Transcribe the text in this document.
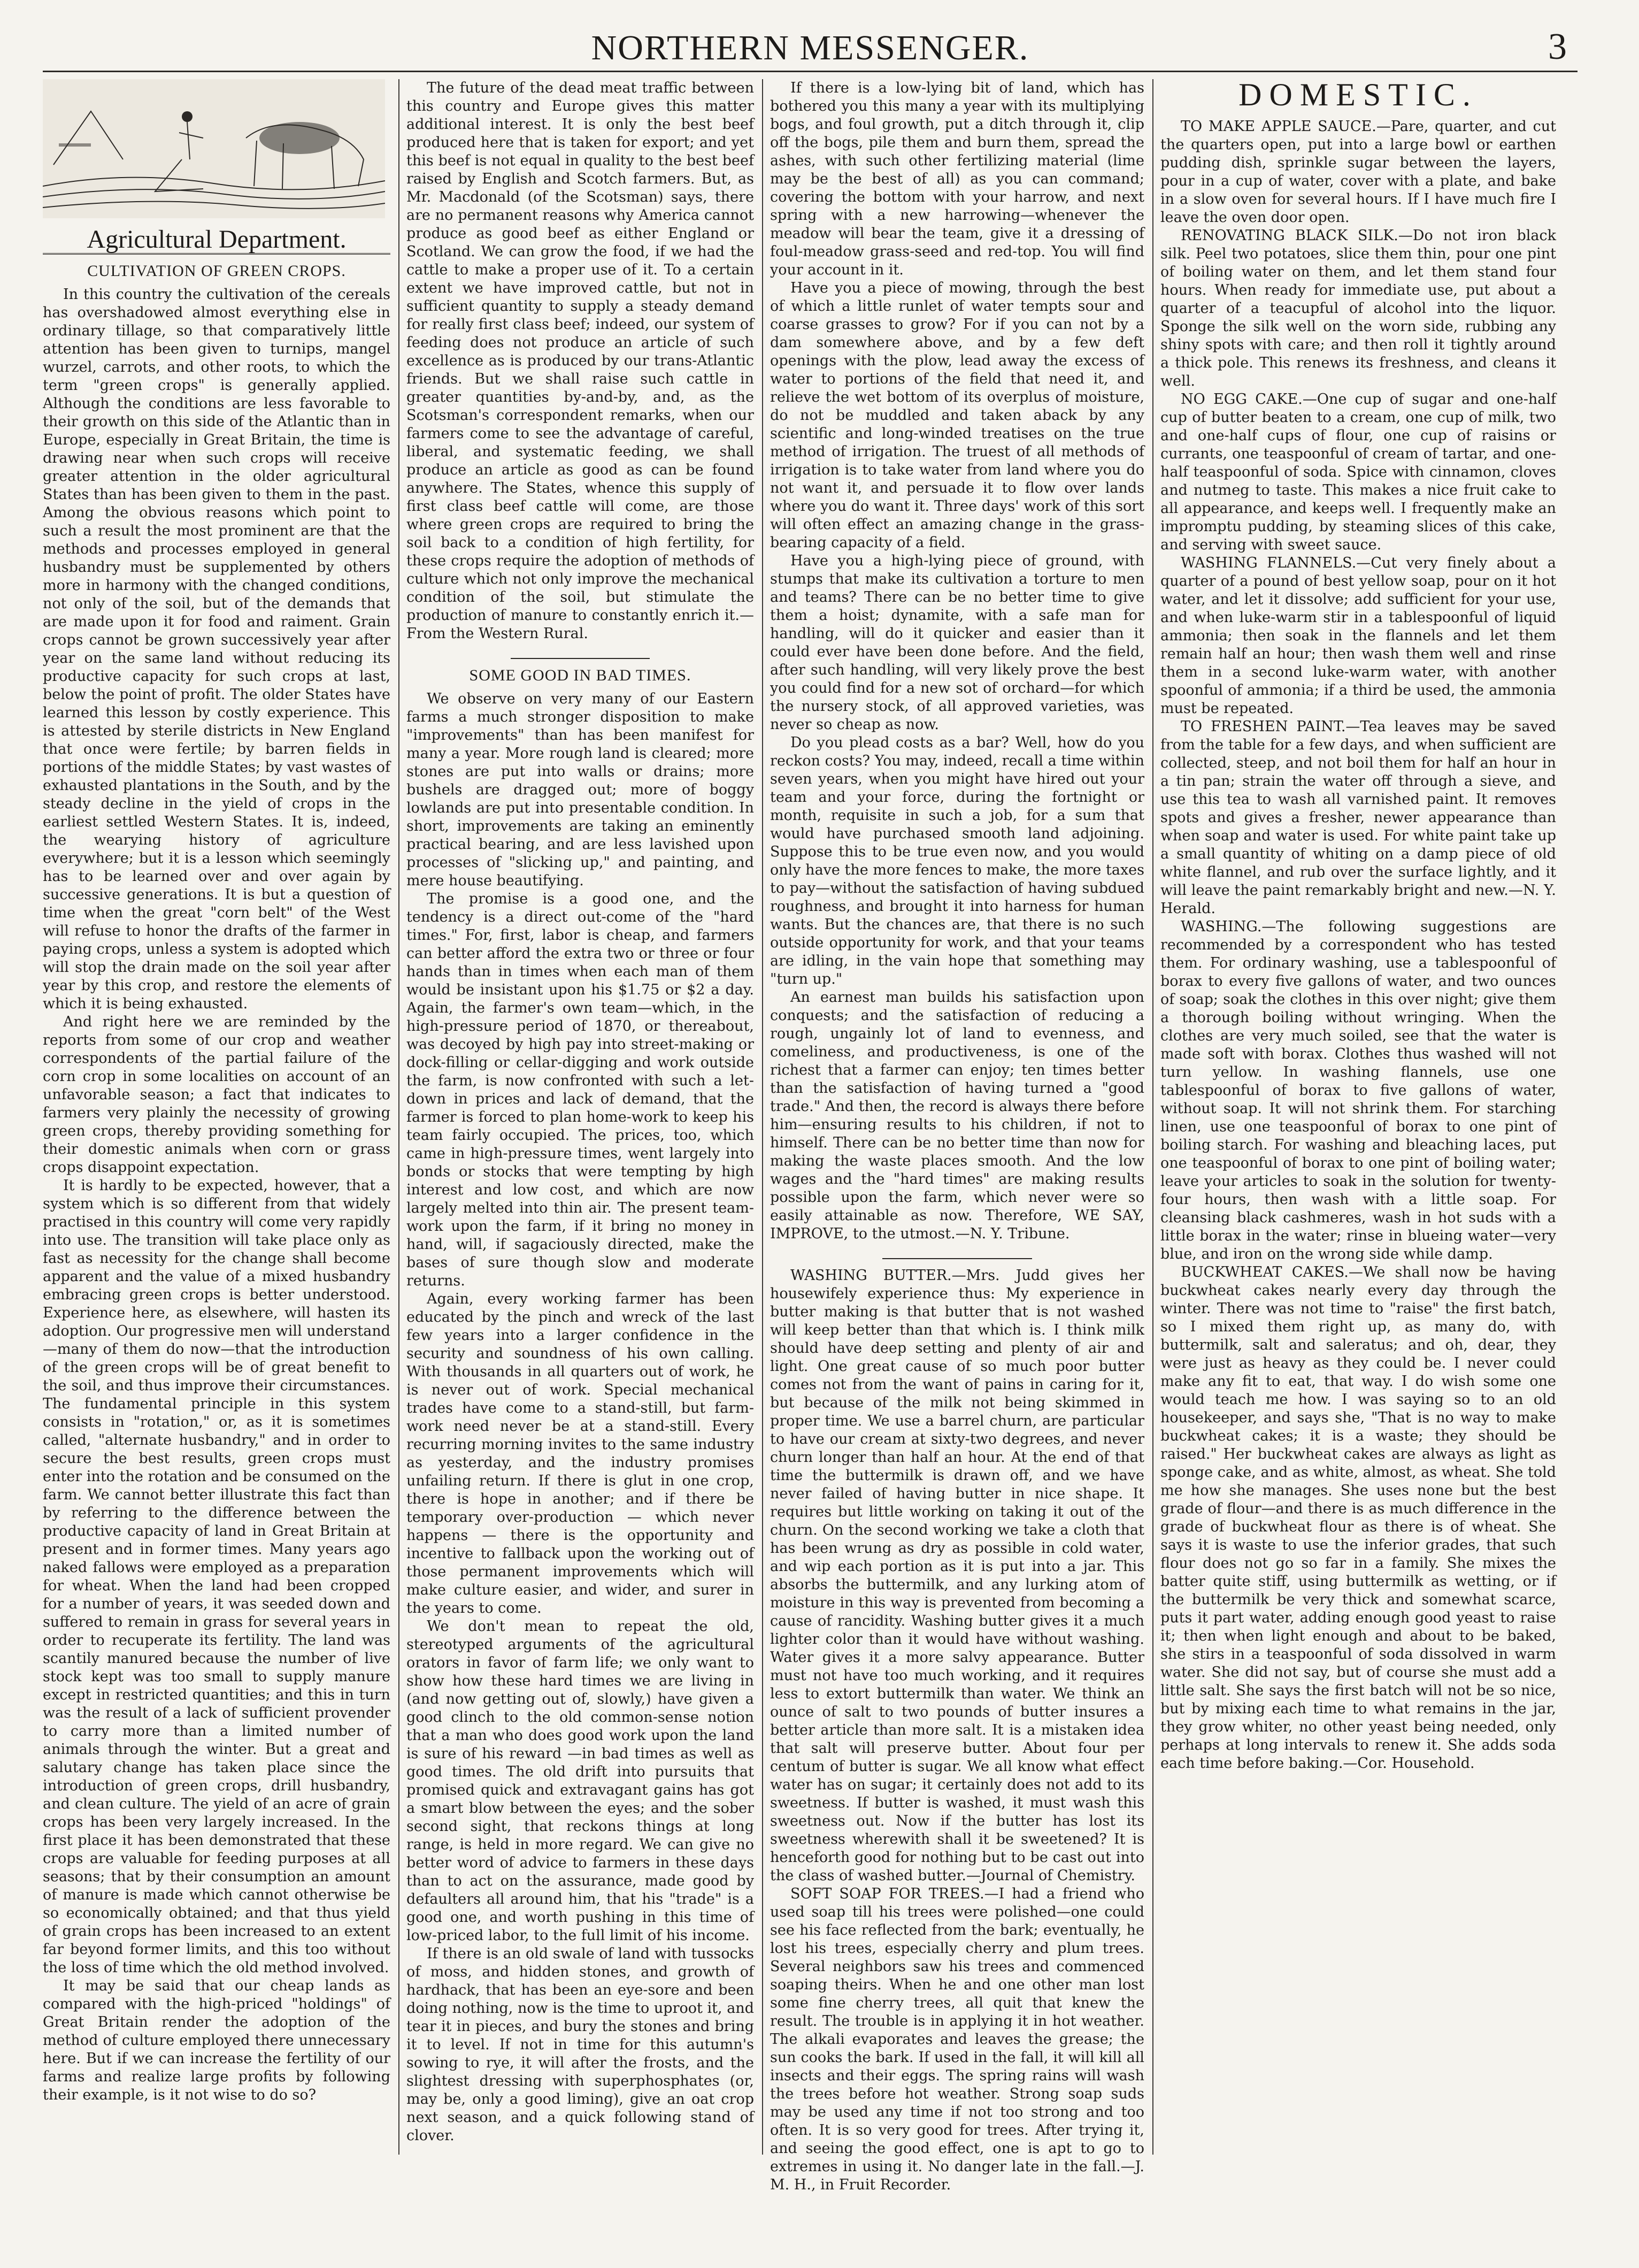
NORTHERN MESSENGER.	3
Agricultural Department.
CULTIVATION OF GREEN CROPS.

In this country the cultivation of the cereals has overshadowed almost everything else in ordinary tillage, so that comparatively little attention has been given to turnips, mangel wurzel, carrots, and other roots, to which the term "green crops" is generally applied. Although the conditions are less favorable to their growth on this side of the Atlantic than in Europe, especially in Great Britain, the time is drawing near when such crops will receive greater attention in the older agricultural States than has been given to them in the past. Among the obvious reasons which point to such a result the most prominent are that the methods and processes employed in general husbandry must be supplemented by others more in harmony with the changed conditions, not only of the soil, but of the demands that are made upon it for food and raiment. Grain crops cannot be grown successively year after year on the same land without reducing its productive capacity for such crops at last, below the point of profit. The older States have learned this lesson by costly experience. This is attested by sterile districts in New England that once were fertile; by barren fields in portions of the middle States; by vast wastes of exhausted plantations in the South, and by the steady decline in the yield of crops in the earliest settled Western States. It is, indeed, the wearying history of agriculture everywhere; but it is a lesson which seemingly has to be learned over and over again by successive generations. It is but a question of time when the great "corn belt" of the West will refuse to honor the drafts of the farmer in paying crops, unless a system is adopted which will stop the drain made on the soil year after year by this crop, and restore the elements of which it is being exhausted.

And right here we are reminded by the reports from some of our crop and weather correspondents of the partial failure of the corn crop in some localities on account of an unfavorable season; a fact that indicates to farmers very plainly the necessity of growing green crops, thereby providing something for their domestic animals when corn or grass crops disappoint expectation.

It is hardly to be expected, however, that a system which is so different from that widely practised in this country will come very rapidly into use. The transition will take place only as fast as necessity for the change shall become apparent and the value of a mixed husbandry embracing green crops is better understood. Experience here, as elsewhere, will hasten its adoption. Our progressive men will understand—many of them do now—that the introduction of the green crops will be of great benefit to the soil, and thus improve their circumstances. The fundamental principle in this system consists in "rotation," or, as it is sometimes called, "alternate husbandry," and in order to secure the best results, green crops must enter into the rotation and be consumed on the farm. We cannot better illustrate this fact than by referring to the difference between the productive capacity of land in Great Britain at present and in former times. Many years ago naked fallows were employed as a preparation for wheat. When the land had been cropped for a number of years, it was seeded down and suffered to remain in grass for several years in order to recuperate its fertility. The land was scantily manured because the number of live stock kept was too small to supply manure except in restricted quantities; and this in turn was the result of a lack of sufficient provender to carry more than a limited number of animals through the winter. But a great and salutary change has taken place since the introduction of green crops, drill husbandry, and clean culture. The yield of an acre of grain crops has been very largely increased. In the first place it has been demonstrated that these crops are valuable for feeding purposes at all seasons; that by their consumption an amount of manure is made which cannot otherwise be so economically obtained; and that thus yield of grain crops has been increased to an extent far beyond former limits, and this too without the loss of time which the old method involved.

It may be said that our cheap lands as compared with the high-priced "holdings" of Great Britain render the adoption of the method of culture employed there unnecessary here. But if we can increase the fertility of our farms and realize large profits by following their example, is it not wise to do so?

The future of the dead meat traffic between this country and Europe gives this matter additional interest. It is only the best beef produced here that is taken for export; and yet this beef is not equal in quality to the best beef raised by English and Scotch farmers. But, as Mr. Macdonald (of the Scotsman) says, there are no permanent reasons why America cannot produce as good beef as either England or Scotland. We can grow the food, if we had the cattle to make a proper use of it. To a certain extent we have improved cattle, but not in sufficient quantity to supply a steady demand for really first class beef; indeed, our system of feeding does not produce an article of such excellence as is produced by our trans-Atlantic friends. But we shall raise such cattle in greater quantities by-and-by, and, as the Scotsman's correspondent remarks, when our farmers come to see the advantage of careful, liberal, and systematic feeding, we shall produce an article as good as can be found anywhere. The States, whence this supply of first class beef cattle will come, are those where green crops are required to bring the soil back to a condition of high fertility, for these crops require the adoption of methods of culture which not only improve the mechanical condition of the soil, but stimulate the production of manure to constantly enrich it.—From the Western Rural.

SOME GOOD IN BAD TIMES.

We observe on very many of our Eastern farms a much stronger disposition to make "improvements" than has been manifest for many a year. More rough land is cleared; more stones are put into walls or drains; more bushels are dragged out; more of boggy lowlands are put into presentable condition. In short, improvements are taking an eminently practical bearing, and are less lavished upon processes of "slicking up," and painting, and mere house beautifying.

The promise is a good one, and the tendency is a direct out-come of the "hard times." For, first, labor is cheap, and farmers can better afford the extra two or three or four hands than in times when each man of them would be insistant upon his $1.75 or $2 a day. Again, the farmer's own team—which, in the high-pressure period of 1870, or thereabout, was decoyed by high pay into street-making or dock-filling or cellar-digging and work outside the farm, is now confronted with such a let-down in prices and lack of demand, that the farmer is forced to plan home-work to keep his team fairly occupied. The prices, too, which came in high-pressure times, went largely into bonds or stocks that were tempting by high interest and low cost, and which are now largely melted into thin air. The present team-work upon the farm, if it bring no money in hand, will, if sagaciously directed, make the bases of sure though slow and moderate returns.

Again, every working farmer has been educated by the pinch and wreck of the last few years into a larger confidence in the security and soundness of his own calling. With thousands in all quarters out of work, he is never out of work. Special mechanical trades have come to a stand-still, but farm-work need never be at a stand-still. Every recurring morning invites to the same industry as yesterday, and the industry promises unfailing return. If there is glut in one crop, there is hope in another; and if there be temporary over-production — which never happens — there is the opportunity and incentive to fallback upon the working out of those permanent improvements which will make culture easier, and wider, and surer in the years to come.

We don't mean to repeat the old, stereotyped arguments of the agricultural orators in favor of farm life; we only want to show how these hard times we are living in (and now getting out of, slowly,) have given a good clinch to the old common-sense notion that a man who does good work upon the land is sure of his reward —in bad times as well as good times. The old drift into pursuits that promised quick and extravagant gains has got a smart blow between the eyes; and the sober second sight, that reckons things at long range, is held in more regard. We can give no better word of advice to farmers in these days than to act on the assurance, made good by defaulters all around him, that his "trade" is a good one, and worth pushing in this time of low-priced labor, to the full limit of his income.

If there is an old swale of land with tussocks of moss, and hidden stones, and growth of hardhack, that has been an eye-sore and been doing nothing, now is the time to uproot it, and tear it in pieces, and bury the stones and bring it to level. If not in time for this autumn's sowing to rye, it will after the frosts, and the slightest dressing with superphosphates (or, may be, only a good liming), give an oat crop next season, and a quick following stand of clover.

If there is a low-lying bit of land, which has bothered you this many a year with its multiplying bogs, and foul growth, put a ditch through it, clip off the bogs, pile them and burn them, spread the ashes, with such other fertilizing material (lime may be the best of all) as you can command; covering the bottom with your harrow, and next spring with a new harrowing—whenever the meadow will bear the team, give it a dressing of foul-meadow grass-seed and red-top. You will find your account in it.

Have you a piece of mowing, through the best of which a little runlet of water tempts sour and coarse grasses to grow? For if you can not by a dam somewhere above, and by a few deft openings with the plow, lead away the excess of water to portions of the field that need it, and relieve the wet bottom of its overplus of moisture, do not be muddled and taken aback by any scientific and long-winded treatises on the true method of irrigation. The truest of all methods of irrigation is to take water from land where you do not want it, and persuade it to flow over lands where you do want it. Three days' work of this sort will often effect an amazing change in the grass-bearing capacity of a field.

Have you a high-lying piece of ground, with stumps that make its cultivation a torture to men and teams? There can be no better time to give them a hoist; dynamite, with a safe man for handling, will do it quicker and easier than it could ever have been done before. And the field, after such handling, will very likely prove the best you could find for a new sot of orchard—for which the nursery stock, of all approved varieties, was never so cheap as now.

Do you plead costs as a bar? Well, how do you reckon costs? You may, indeed, recall a time within seven years, when you might have hired out your team and your force, during the fortnight or month, requisite in such a job, for a sum that would have purchased smooth land adjoining. Suppose this to be true even now, and you would only have the more fences to make, the more taxes to pay—without the satisfaction of having subdued roughness, and brought it into harness for human wants. But the chances are, that there is no such outside opportunity for work, and that your teams are idling, in the vain hope that something may "turn up."

An earnest man builds his satisfaction upon conquests; and the satisfaction of reducing a rough, ungainly lot of land to evenness, and comeliness, and productiveness, is one of the richest that a farmer can enjoy; ten times better than the satisfaction of having turned a "good trade." And then, the record is always there before him—ensuring results to his children, if not to himself. There can be no better time than now for making the waste places smooth. And the low wages and the "hard times" are making results possible upon the farm, which never were so easily attainable as now. Therefore, WE SAY, IMPROVE, to the utmost.—N. Y. Tribune.

WASHING BUTTER.—Mrs. Judd gives her housewifely experience thus: My experience in butter making is that butter that is not washed will keep better than that which is. I think milk should have deep setting and plenty of air and light. One great cause of so much poor butter comes not from the want of pains in caring for it, but because of the milk not being skimmed in proper time. We use a barrel churn, are particular to have our cream at sixty-two degrees, and never churn longer than half an hour. At the end of that time the buttermilk is drawn off, and we have never failed of having butter in nice shape. It requires but little working on taking it out of the churn. On the second working we take a cloth that has been wrung as dry as possible in cold water, and wip each portion as it is put into a jar. This absorbs the buttermilk, and any lurking atom of moisture in this way is prevented from becoming a cause of rancidity. Washing butter gives it a much lighter color than it would have without washing. Water gives it a more salvy appearance. Butter must not have too much working, and it requires less to extort buttermilk than water. We think an ounce of salt to two pounds of butter insures a better article than more salt. It is a mistaken idea that salt will preserve butter. About four per centum of butter is sugar. We all know what effect water has on sugar; it certainly does not add to its sweetness. If butter is washed, it must wash this sweetness out. Now if the butter has lost its sweetness wherewith shall it be sweetened? It is henceforth good for nothing but to be cast out into the class of washed butter.—Journal of Chemistry.

SOFT SOAP FOR TREES.—I had a friend who used soap till his trees were polished—one could see his face reflected from the bark; eventually, he lost his trees, especially cherry and plum trees. Several neighbors saw his trees and commenced soaping theirs. When he and one other man lost some fine cherry trees, all quit that knew the result. The trouble is in applying it in hot weather. The alkali evaporates and leaves the grease; the sun cooks the bark. If used in the fall, it will kill all insects and their eggs. The spring rains will wash the trees before hot weather. Strong soap suds may be used any time if not too strong and too often. It is so very good for trees. After trying it, and seeing the good effect, one is apt to go to extremes in using it. No danger late in the fall.—J. M. H., in Fruit Recorder.

DOMESTIC.

TO MAKE APPLE SAUCE.—Pare, quarter, and cut the quarters open, put into a large bowl or earthen pudding dish, sprinkle sugar between the layers, pour in a cup of water, cover with a plate, and bake in a slow oven for several hours. If I have much fire I leave the oven door open.

RENOVATING BLACK SILK.—Do not iron black silk. Peel two potatoes, slice them thin, pour one pint of boiling water on them, and let them stand four hours. When ready for immediate use, put about a quarter of a teacupful of alcohol into the liquor. Sponge the silk well on the worn side, rubbing any shiny spots with care; and then roll it tightly around a thick pole. This renews its freshness, and cleans it well.

NO EGG CAKE.—One cup of sugar and one-half cup of butter beaten to a cream, one cup of milk, two and one-half cups of flour, one cup of raisins or currants, one teaspoonful of cream of tartar, and one-half teaspoonful of soda. Spice with cinnamon, cloves and nutmeg to taste. This makes a nice fruit cake to all appearance, and keeps well. I frequently make an impromptu pudding, by steaming slices of this cake, and serving with sweet sauce.

WASHING FLANNELS.—Cut very finely about a quarter of a pound of best yellow soap, pour on it hot water, and let it dissolve; add sufficient for your use, and when luke-warm stir in a tablespoonful of liquid ammonia; then soak in the flannels and let them remain half an hour; then wash them well and rinse them in a second luke-warm water, with another spoonful of ammonia; if a third be used, the ammonia must be repeated.

TO FRESHEN PAINT.—Tea leaves may be saved from the table for a few days, and when sufficient are collected, steep, and not boil them for half an hour in a tin pan; strain the water off through a sieve, and use this tea to wash all varnished paint. It removes spots and gives a fresher, newer appearance than when soap and water is used. For white paint take up a small quantity of whiting on a damp piece of old white flannel, and rub over the surface lightly, and it will leave the paint remarkably bright and new.—N. Y. Herald.

WASHING.—The following suggestions are recommended by a correspondent who has tested them. For ordinary washing, use a tablespoonful of borax to every five gallons of water, and two ounces of soap; soak the clothes in this over night; give them a thorough boiling without wringing. When the clothes are very much soiled, see that the water is made soft with borax. Clothes thus washed will not turn yellow. In washing flannels, use one tablespoonful of borax to five gallons of water, without soap. It will not shrink them. For starching linen, use one teaspoonful of borax to one pint of boiling starch. For washing and bleaching laces, put one teaspoonful of borax to one pint of boiling water; leave your articles to soak in the solution for twenty-four hours, then wash with a little soap. For cleansing black cashmeres, wash in hot suds with a little borax in the water; rinse in blueing water—very blue, and iron on the wrong side while damp.

BUCKWHEAT CAKES.—We shall now be having buckwheat cakes nearly every day through the winter. There was not time to "raise" the first batch, so I mixed them right up, as many do, with buttermilk, salt and saleratus; and oh, dear, they were just as heavy as they could be. I never could make any fit to eat, that way. I do wish some one would teach me how. I was saying so to an old housekeeper, and says she, "That is no way to make buckwheat cakes; it is a waste; they should be raised." Her buckwheat cakes are always as light as sponge cake, and as white, almost, as wheat. She told me how she manages. She uses none but the best grade of flour—and there is as much difference in the grade of buckwheat flour as there is of wheat. She says it is waste to use the inferior grades, that such flour does not go so far in a family. She mixes the batter quite stiff, using buttermilk as wetting, or if the buttermilk be very thick and somewhat scarce, puts it part water, adding enough good yeast to raise it; then when light enough and about to be baked, she stirs in a teaspoonful of soda dissolved in warm water. She did not say, but of course she must add a little salt. She says the first batch will not be so nice, but by mixing each time to what remains in the jar, they grow whiter, no other yeast being needed, only perhaps at long intervals to renew it. She adds soda each time before baking.—Cor. Household.
